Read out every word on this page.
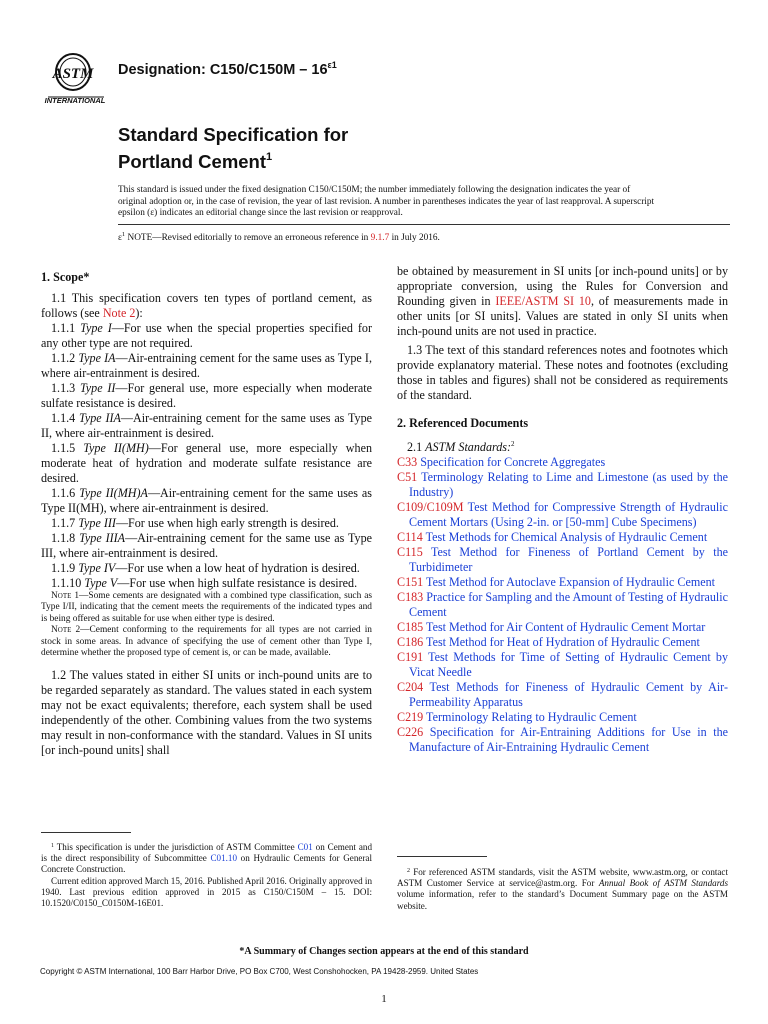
ASTM
INTERNATIONAL
Designation: $C150/C150M - 16^{\varepsilon 1}$
Standard Specification for
Portland Cement$^1$
This standard is issued under the fixed designation C150/C150M; the number immediately following the designation indicates the year of original adoption or, in the case of revision, the year of last revision. A number in parentheses indicates the year of last reapproval. A superscript epsilon (ε) indicates an editorial change since the last revision or reapproval.
$\varepsilon^1$ NOTE—Revised editorially to remove an erroneous reference in 9.1.7 in July 2016.

1. Scope*

1.1 This specification covers ten types of portland cement, as follows (see Note 2):

1.1.1 Type I—For use when the special properties specified for any other type are not required.

1.1.2 Type IA—Air-entraining cement for the same uses as Type I, where air-entrainment is desired.

1.1.3 Type II—For general use, more especially when moderate sulfate resistance is desired.

1.1.4 Type IIA—Air-entraining cement for the same uses as Type II, where air-entrainment is desired.

1.1.5 Type II(MH)—For general use, more especially when moderate heat of hydration and moderate sulfate resistance are desired.

1.1.6 Type II(MH)A—Air-entraining cement for the same uses as Type II(MH), where air-entrainment is desired.

1.1.7 Type III—For use when high early strength is desired.

1.1.8 Type IIIA—Air-entraining cement for the same use as Type III, where air-entrainment is desired.

1.1.9 Type IV—For use when a low heat of hydration is desired.

1.1.10 Type V—For use when high sulfate resistance is desired.

Note 1—Some cements are designated with a combined type classification, such as Type I/II, indicating that the cement meets the requirements of the indicated types and is being offered as suitable for use when either type is desired.

Note 2—Cement conforming to the requirements for all types are not carried in stock in some areas. In advance of specifying the use of cement other than Type I, determine whether the proposed type of cement is, or can be made, available.

1.2 The values stated in either SI units or inch-pound units are to be regarded separately as standard. The values stated in each system may not be exact equivalents; therefore, each system shall be used independently of the other. Combining values from the two systems may result in non-conformance with the standard. Values in SI units [or inch-pound units] shall

be obtained by measurement in SI units [or inch-pound units] or by appropriate conversion, using the Rules for Conversion and Rounding given in IEEE/ASTM SI 10, of measurements made in other units [or SI units]. Values are stated in only SI units when inch-pound units are not used in practice.

1.3 The text of this standard references notes and footnotes which provide explanatory material. These notes and footnotes (excluding those in tables and figures) shall not be considered as requirements of the standard.

2. Referenced Documents

2.1 ASTM Standards:$^2$

C33 Specification for Concrete Aggregates

C51 Terminology Relating to Lime and Limestone (as used by the Industry)

C109/C109M Test Method for Compressive Strength of Hydraulic Cement Mortars (Using 2-in. or [50-mm] Cube Specimens)

C114 Test Methods for Chemical Analysis of Hydraulic Cement

C115 Test Method for Fineness of Portland Cement by the Turbidimeter

C151 Test Method for Autoclave Expansion of Hydraulic Cement

C183 Practice for Sampling and the Amount of Testing of Hydraulic Cement

C185 Test Method for Air Content of Hydraulic Cement Mortar

C186 Test Method for Heat of Hydration of Hydraulic Cement

C191 Test Methods for Time of Setting of Hydraulic Cement by Vicat Needle

C204 Test Methods for Fineness of Hydraulic Cement by Air-Permeability Apparatus

C219 Terminology Relating to Hydraulic Cement

C226 Specification for Air-Entraining Additions for Use in the Manufacture of Air-Entraining Hydraulic Cement

$^1$ This specification is under the jurisdiction of ASTM Committee C01 on Cement and is the direct responsibility of Subcommittee C01.10 on Hydraulic Cements for General Concrete Construction.

Current edition approved March 15, 2016. Published April 2016. Originally approved in 1940. Last previous edition approved in 2015 as C150/C150M – 15. DOI: 10.1520/C0150_C0150M-16E01.

$^2$ For referenced ASTM standards, visit the ASTM website, www.astm.org, or contact ASTM Customer Service at service@astm.org. For Annual Book of ASTM Standards volume information, refer to the standard’s Document Summary page on the ASTM website.

*A Summary of Changes section appears at the end of this standard
Copyright © ASTM International, 100 Barr Harbor Drive, PO Box C700, West Conshohocken, PA 19428-2959. United States
1
